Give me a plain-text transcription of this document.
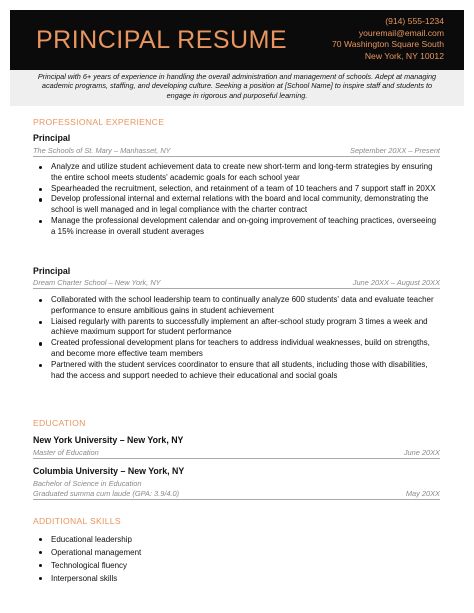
PRINCIPAL RESUME
(914) 555-1234
youremail@email.com
70 Washington Square South
New York, NY 10012
Principal with 6+ years of experience in handling the overall administration and management of schools. Adept at managing academic programs, staffing, and developing culture. Seeking a position at [School Name] to inspire staff and students to engage in rigorous and purposeful learning.
PROFESSIONAL EXPERIENCE
Principal
The Schools of St. Mary – Manhasset, NY	September 20XX – Present
Analyze and utilize student achievement data to create new short-term and long-term strategies by ensuring the entire school meets students' academic goals for each school year
Spearheaded the recruitment, selection, and retainment of a team of 10 teachers and 7 support staff in 20XX
Develop professional internal and external relations with the board and local community, demonstrating the school is well managed and in legal compliance with the charter contract
Manage the professional development calendar and on-going improvement of teaching practices, overseeing a 15% increase in overall student averages
Principal
Dream Charter School – New York, NY	June 20XX – August 20XX
Collaborated with the school leadership team to continually analyze 600 students' data and evaluate teacher performance to ensure ambitious gains in student achievement
Liaised regularly with parents to successfully implement an after-school study program 3 times a week and achieve maximum support for student performance
Created professional development plans for teachers to address individual weaknesses, build on strengths, and become more effective team members
Partnered with the student services coordinator to ensure that all students, including those with disabilities, had the access and support needed to achieve their educational and social goals
EDUCATION
New York University – New York, NY
Master of Education	June 20XX
Columbia University – New York, NY
Bachelor of Science in Education
Graduated summa cum laude (GPA: 3.9/4.0)	May 20XX
ADDITIONAL SKILLS
Educational leadership
Operational management
Technological fluency
Interpersonal skills
